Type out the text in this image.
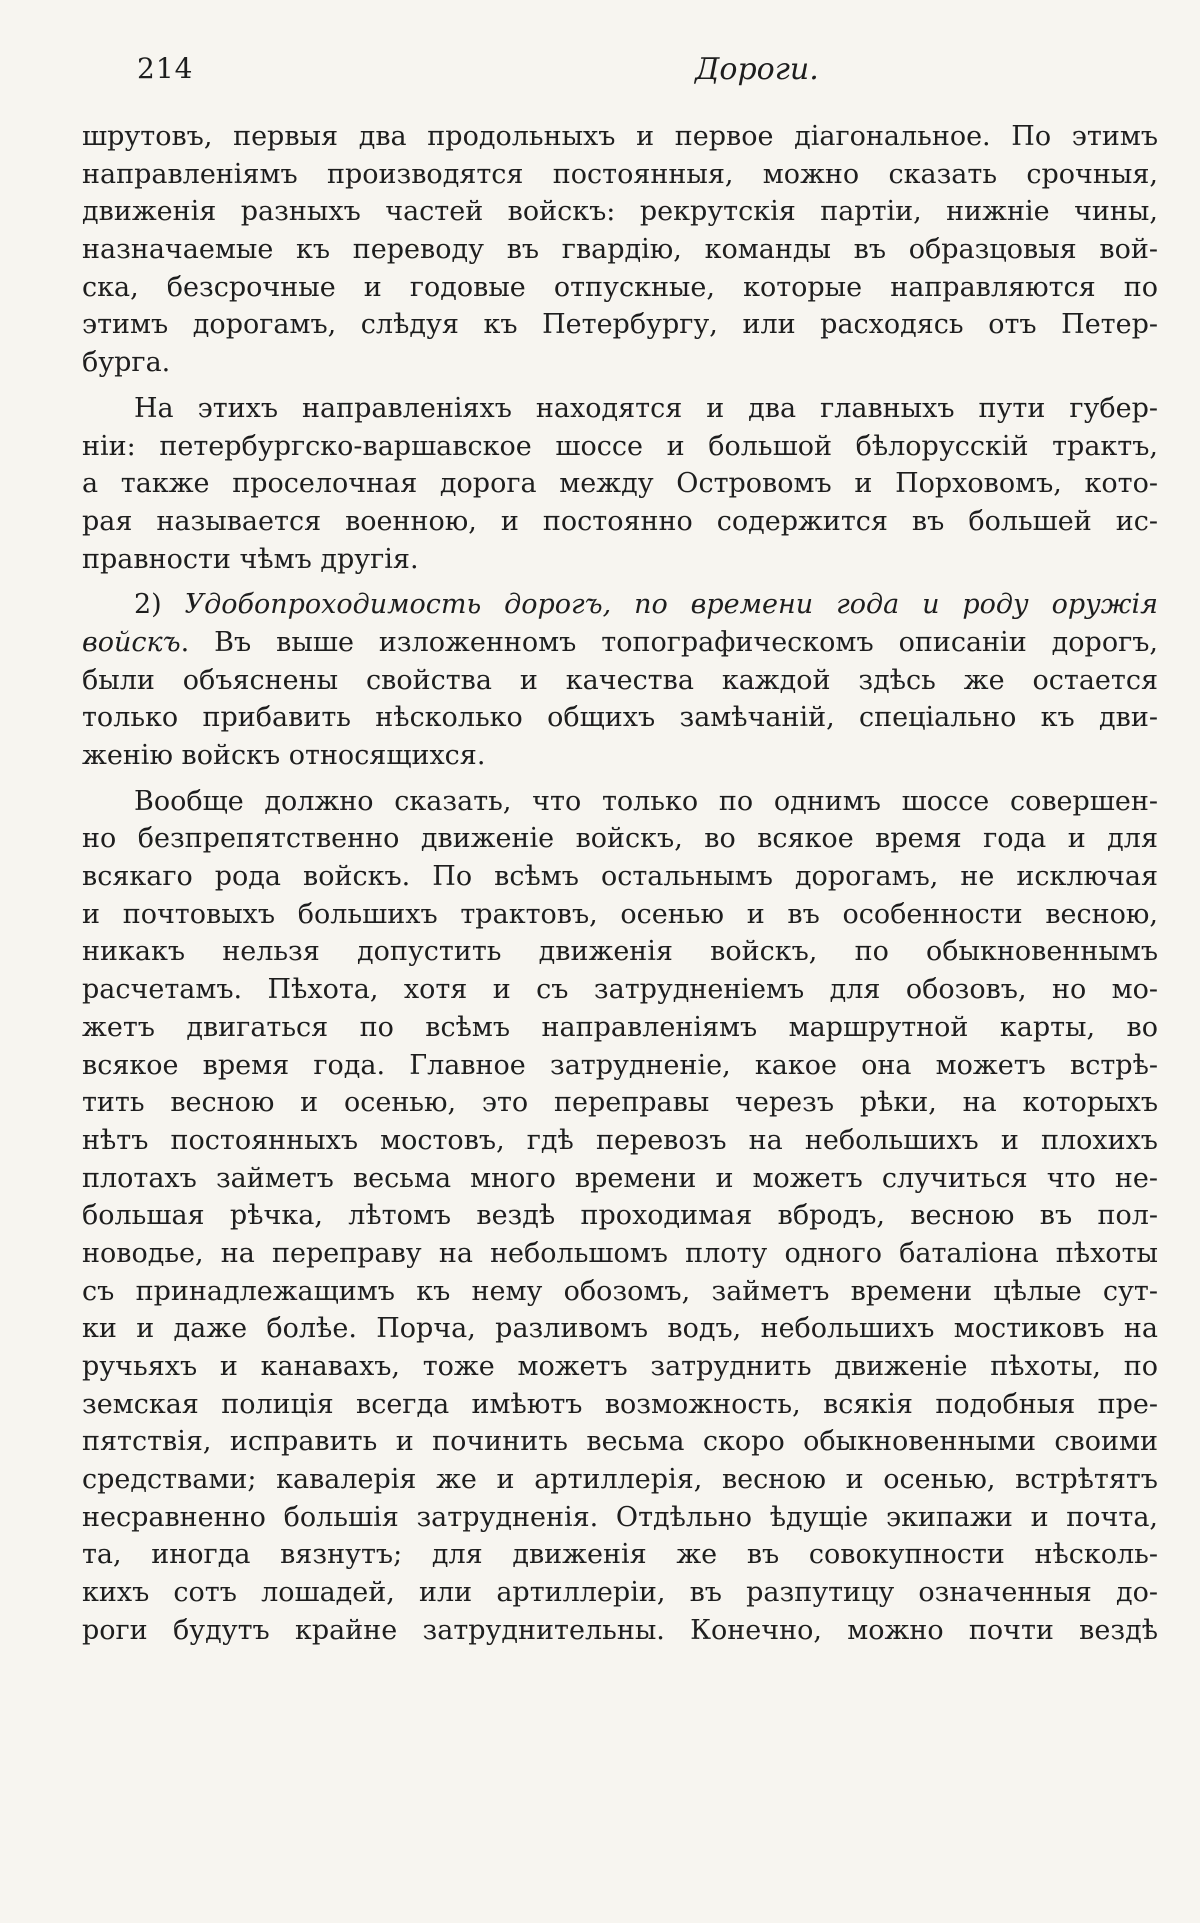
214	Дороги.
шрутовъ, первыя два продольныхъ и первое діагональное. По этимъ
направленіямъ производятся постоянныя, можно сказать срочныя,
движенія разныхъ частей войскъ: рекрутскія партіи, нижніе чины,
назначаемые къ переводу въ гвардію, команды въ образцовыя вой-
ска, безсрочные и годовые отпускные, которые направляются по
этимъ дорогамъ, слѣдуя къ Петербургу, или расходясь отъ Петер-
бурга.
На этихъ направленіяхъ находятся и два главныхъ пути губер-
ніи: петербургско-варшавское шоссе и большой бѣлорусскій трактъ,
а также проселочная дорога между Островомъ и Порховомъ, кото-
рая называется военною, и постоянно содержится въ большей ис-
правности чѣмъ другія.
2) Удобопроходимость дорогъ, по времени года и роду оружія
войскъ. Въ выше изложенномъ топографическомъ описаніи дорогъ,
были объяснены свойства и качества каждой здѣсь же остается
только прибавить нѣсколько общихъ замѣчаній, спеціально къ дви-
женію войскъ относящихся.
Вообще должно сказать, что только по однимъ шоссе совершен-
но безпрепятственно движеніе войскъ, во всякое время года и для
всякаго рода войскъ. По всѣмъ остальнымъ дорогамъ, не исключая
и почтовыхъ большихъ трактовъ, осенью и въ особенности весною,
никакъ нельзя допустить движенія войскъ, по обыкновеннымъ
расчетамъ. Пѣхота, хотя и съ затрудненіемъ для обозовъ, но мо-
жетъ двигаться по всѣмъ направленіямъ маршрутной карты, во
всякое время года. Главное затрудненіе, какое она можетъ встрѣ-
тить весною и осенью, это переправы черезъ рѣки, на которыхъ
нѣтъ постоянныхъ мостовъ, гдѣ перевозъ на небольшихъ и плохихъ
плотахъ займетъ весьма много времени и можетъ случиться что не-
большая рѣчка, лѣтомъ вездѣ проходимая вбродъ, весною въ пол-
новодье, на переправу на небольшомъ плоту одного баталіона пѣхоты
съ принадлежащимъ къ нему обозомъ, займетъ времени цѣлые сут-
ки и даже болѣе. Порча, разливомъ водъ, небольшихъ мостиковъ на
ручьяхъ и канавахъ, тоже можетъ затруднить движеніе пѣхоты, по
земская полиція всегда имѣютъ возможность, всякія подобныя пре-
пятствія, исправить и починить весьма скоро обыкновенными своими
средствами; кавалерія же и артиллерія, весною и осенью, встрѣтятъ
несравненно большія затрудненія. Отдѣльно ѣдущіе экипажи и почта,
та, иногда вязнутъ; для движенія же въ совокупности нѣсколь-
кихъ сотъ лошадей, или артиллеріи, въ разпутицу означенныя до-
роги будутъ крайне затруднительны. Конечно, можно почти вездѣ
